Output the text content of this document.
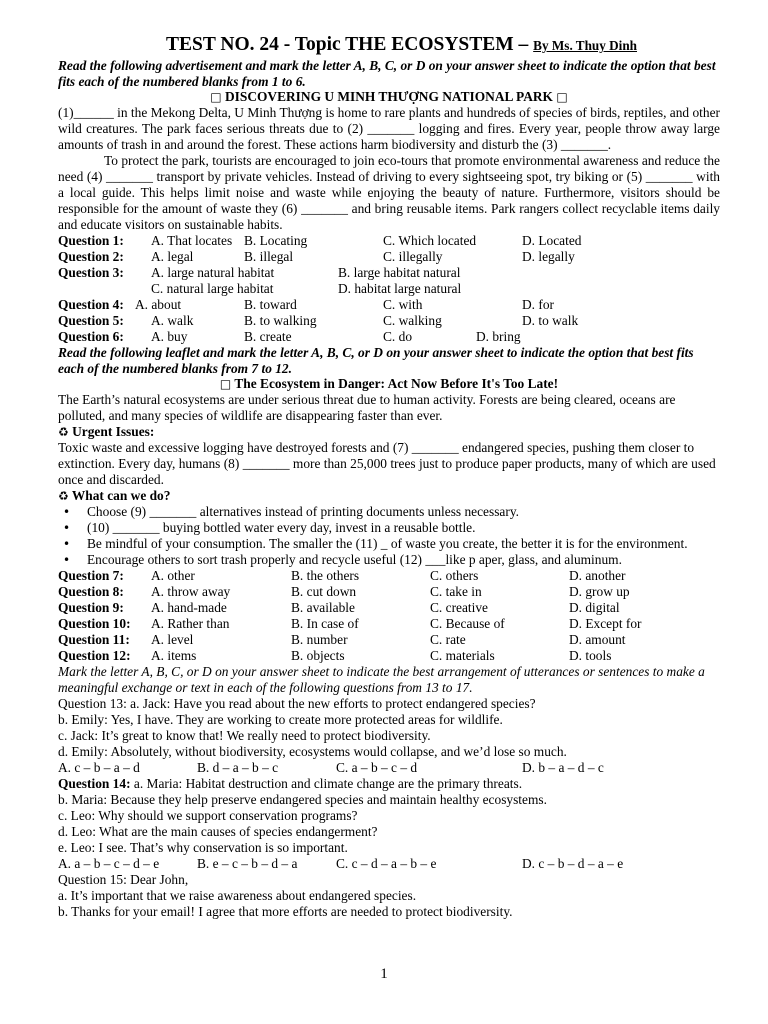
TEST NO. 24 - Topic THE ECOSYSTEM – By Ms. Thuy Dinh

Read the following advertisement and mark the letter A, B, C, or D on your answer sheet to indicate the option that best fits each of the numbered blanks from 1 to 6.

□ DISCOVERING U MINH THƯỢNG NATIONAL PARK □

(1)______ in the Mekong Delta, U Minh Thượng is home to rare plants and hundreds of species of birds, reptiles, and other wild creatures. The park faces serious threats due to (2) _______ logging and fires. Every year, people throw away large amounts of trash in and around the forest. These actions harm biodiversity and disturb the (3) _______.

To protect the park, tourists are encouraged to join eco-tours that promote environmental awareness and reduce the need (4) _______ transport by private vehicles. Instead of driving to every sightseeing spot, try biking or (5) _______ with a local guide. This helps limit noise and waste while enjoying the beauty of nature. Furthermore, visitors should be responsible for the amount of waste they (6) _______ and bring reusable items. Park rangers collect recyclable items daily and educate visitors on sustainable habits.

Question 1:	A. That locates B. Locating	C. Which located	D. Located
Question 2:	A. legal	B. illegal	C. illegally	D. legally
Question 3:	A. large natural habitat	B. large habitat natural
C. natural large habitat	D. habitat large natural
Question 4: A. about	B. toward	C. with	D. for
Question 5:	A. walk	B. to walking	C. walking	D. to walk
Question 6:	A. buy	B. create	C. do	D. bring

Read the following leaflet and mark the letter A, B, C, or D on your answer sheet to indicate the option that best fits each of the numbered blanks from 7 to 12.

□ The Ecosystem in Danger: Act Now Before It's Too Late!

The Earth’s natural ecosystems are under serious threat due to human activity. Forests are being cleared, oceans are polluted, and many species of wildlife are disappearing faster than ever.

♻ Urgent Issues:

Toxic waste and excessive logging have destroyed forests and (7) _______ endangered species, pushing them closer to extinction. Every day, humans (8) _______ more than 25,000 trees just to produce paper products, many of which are used once and discarded.

♻ What can we do?

• Choose (9) _______ alternatives instead of printing documents unless necessary.
• (10) _______ buying bottled water every day, invest in a reusable bottle.
• Be mindful of your consumption. The smaller the (11) _ of waste you create, the better it is for the environment.
• Encourage others to sort trash properly and recycle useful (12) ___like p aper, glass, and aluminum.
Question 7:	A. other	B. the others	C. others	D. another
Question 8:	A. throw away	B. cut down	C. take in	D. grow up
Question 9:	A. hand-made	B. available	C. creative	D. digital
Question 10:	A. Rather than	B. In case of	C. Because of	D. Except for
Question 11:	A. level	B. number	C. rate	D. amount
Question 12:	A. items	B. objects	C. materials	D. tools

Mark the letter A, B, C, or D on your answer sheet to indicate the best arrangement of utterances or sentences to make a meaningful exchange or text in each of the following questions from 13 to 17.

Question 13: a. Jack: Have you read about the new efforts to protect endangered species?

b. Emily: Yes, I have. They are working to create more protected areas for wildlife.

c. Jack: It’s great to know that! We really need to protect biodiversity.

d. Emily: Absolutely, without biodiversity, ecosystems would collapse, and we’d lose so much.

A. c – b – a – d	B. d – a – b – c	C. a – b – c – d	D. b – a – d – c

Question 14: a. Maria: Habitat destruction and climate change are the primary threats.

b. Maria: Because they help preserve endangered species and maintain healthy ecosystems.

c. Leo: Why should we support conservation programs?

d. Leo: What are the main causes of species endangerment?

e. Leo: I see. That’s why conservation is so important.

A. a – b – c – d – e	B. e – c – b – d – a	C. c – d – a – b – e	D. c – b – d – a – e

Question 15: Dear John,

a. It’s important that we raise awareness about endangered species.

b. Thanks for your email! I agree that more efforts are needed to protect biodiversity.

1
